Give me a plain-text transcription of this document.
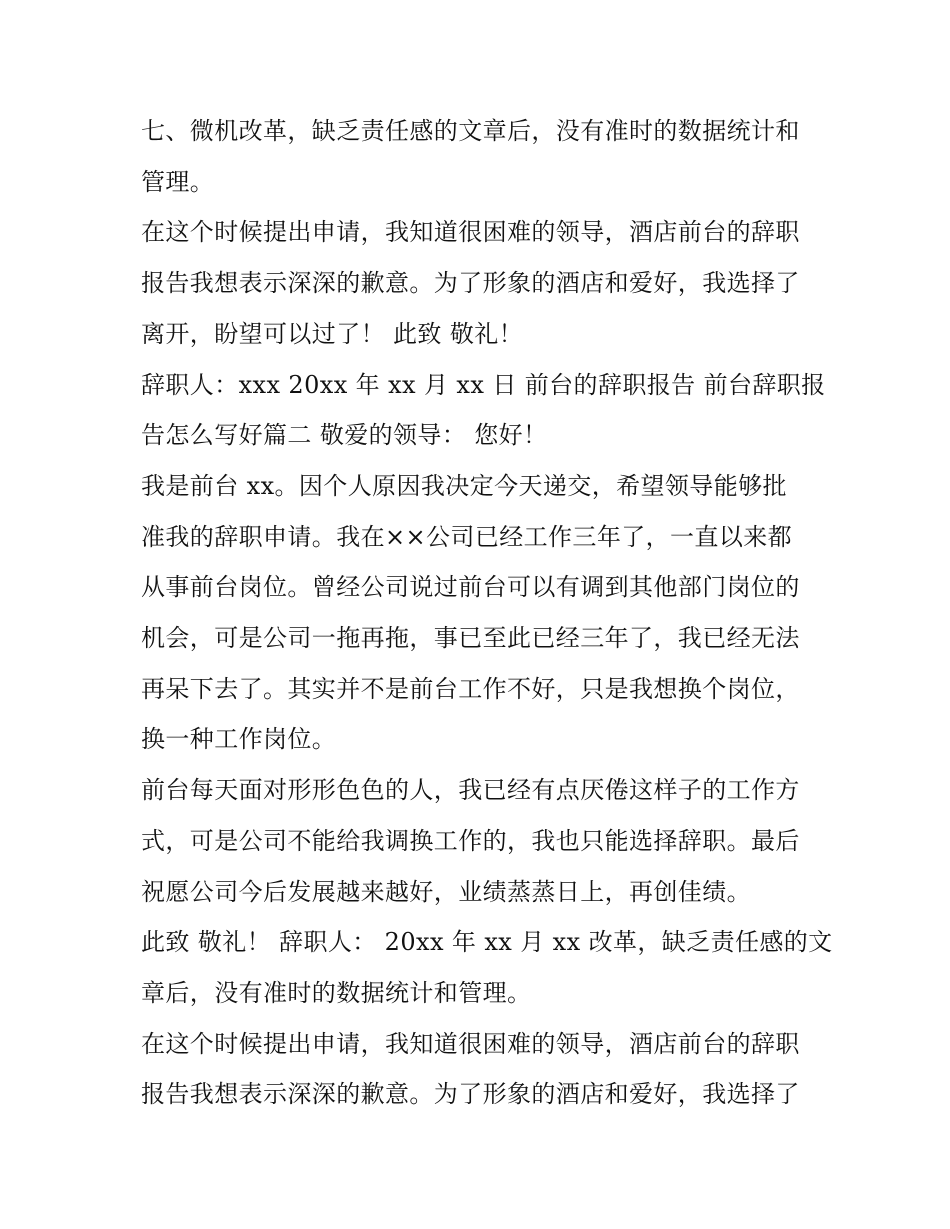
七、微机改革，缺乏责任感的文章后，没有准时的数据统计和
管理。

在这个时候提出申请，我知道很困难的领导，酒店前台的辞职
报告我想表示深深的歉意。为了形象的酒店和爱好，我选择了
离开，盼望可以过了！ 此致 敬礼！

辞职人：xxx 20xx 年 xx 月 xx 日 前台的辞职报告 前台辞职报
告怎么写好篇二 敬爱的领导： 您好！

我是前台 xx。因个人原因我决定今天递交，希望领导能够批
准我的辞职申请。我在××公司已经工作三年了，一直以来都
从事前台岗位。曾经公司说过前台可以有调到其他部门岗位的
机会，可是公司一拖再拖，事已至此已经三年了，我已经无法
再呆下去了。其实并不是前台工作不好，只是我想换个岗位，
换一种工作岗位。

前台每天面对形形色色的人，我已经有点厌倦这样子的工作方
式，可是公司不能给我调换工作的，我也只能选择辞职。最后
祝愿公司今后发展越来越好，业绩蒸蒸日上，再创佳绩。

此致 敬礼！ 辞职人： 20xx 年 xx 月 xx 改革，缺乏责任感的文
章后，没有准时的数据统计和管理。

在这个时候提出申请，我知道很困难的领导，酒店前台的辞职
报告我想表示深深的歉意。为了形象的酒店和爱好，我选择了
